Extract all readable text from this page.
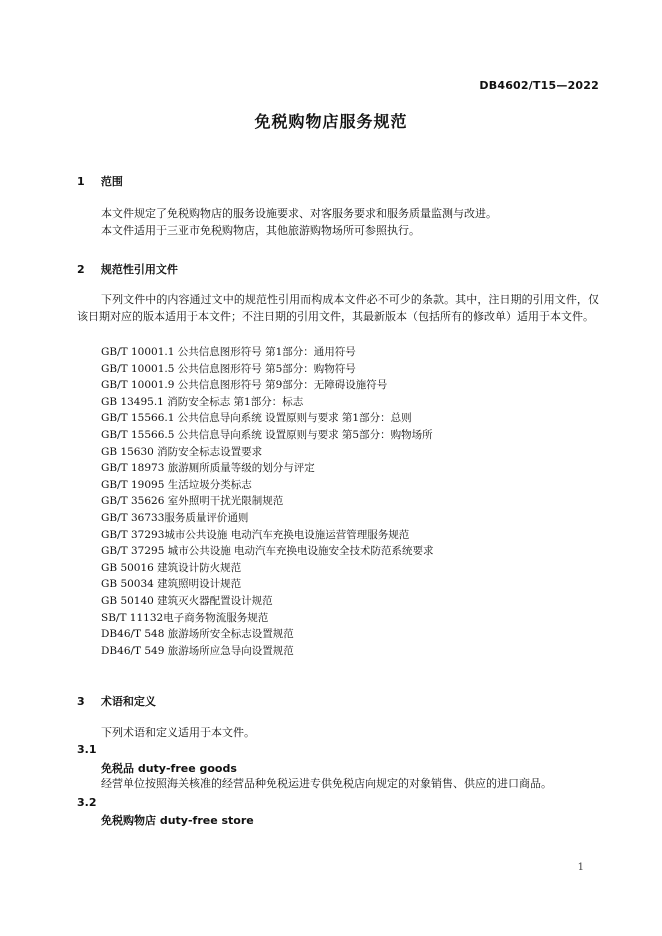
DB4602/T15—2022
免税购物店服务规范
1 范围
本文件规定了免税购物店的服务设施要求、对客服务要求和服务质量监测与改进。
本文件适用于三亚市免税购物店，其他旅游购物场所可参照执行。
2 规范性引用文件
下列文件中的内容通过文中的规范性引用而构成本文件必不可少的条款。其中，注日期的引用文件，仅该日期对应的版本适用于本文件；不注日期的引用文件，其最新版本（包括所有的修改单）适用于本文件。
GB/T 10001.1 公共信息图形符号 第1部分：通用符号
GB/T 10001.5 公共信息图形符号 第5部分：购物符号
GB/T 10001.9 公共信息图形符号 第9部分：无障碍设施符号
GB 13495.1 消防安全标志 第1部分：标志
GB/T 15566.1 公共信息导向系统 设置原则与要求 第1部分：总则
GB/T 15566.5 公共信息导向系统 设置原则与要求 第5部分：购物场所
GB 15630 消防安全标志设置要求
GB/T 18973 旅游厕所质量等级的划分与评定
GB/T 19095 生活垃圾分类标志
GB/T 35626 室外照明干扰光限制规范
GB/T 36733服务质量评价通则
GB/T 37293城市公共设施 电动汽车充换电设施运营管理服务规范
GB/T 37295 城市公共设施 电动汽车充换电设施安全技术防范系统要求
GB 50016 建筑设计防火规范
GB 50034 建筑照明设计规范
GB 50140 建筑灭火器配置设计规范
SB/T 11132电子商务物流服务规范
DB46/T 548 旅游场所安全标志设置规范
DB46/T 549 旅游场所应急导向设置规范
3 术语和定义
下列术语和定义适用于本文件。
3.1
免税品 duty-free goods
经营单位按照海关核准的经营品种免税运进专供免税店向规定的对象销售、供应的进口商品。
3.2
免税购物店 duty-free store
1
